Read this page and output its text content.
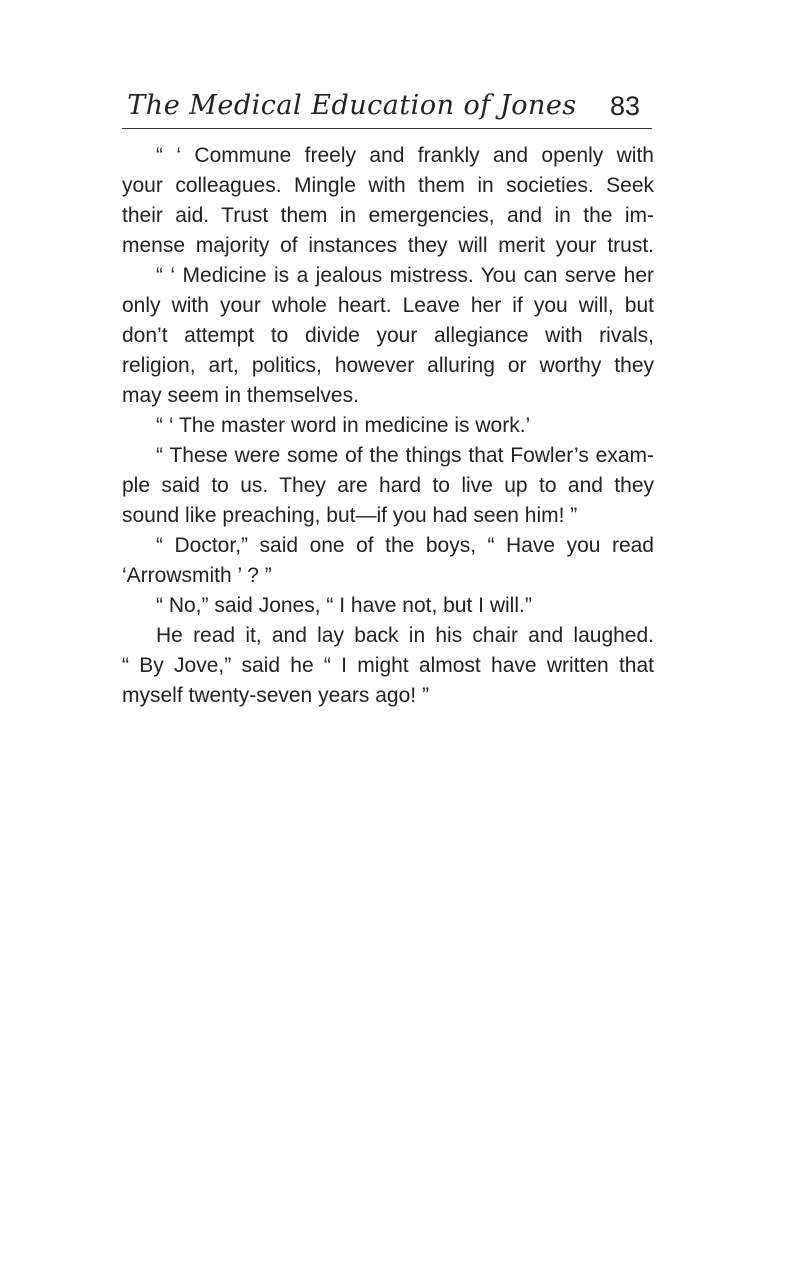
The Medical Education of Jones 83
“ ‘ Commune freely and frankly and openly with
your colleagues. Mingle with them in societies. Seek
their aid. Trust them in emergencies, and in the im-
mense majority of instances they will merit your trust.
“ ‘ Medicine is a jealous mistress. You can serve her
only with your whole heart. Leave her if you will, but
don’t attempt to divide your allegiance with rivals,
religion, art, politics, however alluring or worthy they
may seem in themselves.
“ ‘ The master word in medicine is work.’
“ These were some of the things that Fowler’s exam-
ple said to us. They are hard to live up to and they
sound like preaching, but—if you had seen him! ”
“ Doctor,” said one of the boys, “ Have you read
‘Arrowsmith ’ ? ”
“ No,” said Jones, “ I have not, but I will.”
He read it, and lay back in his chair and laughed.
“ By Jove,” said he “ I might almost have written that
myself twenty-seven years ago! ”
